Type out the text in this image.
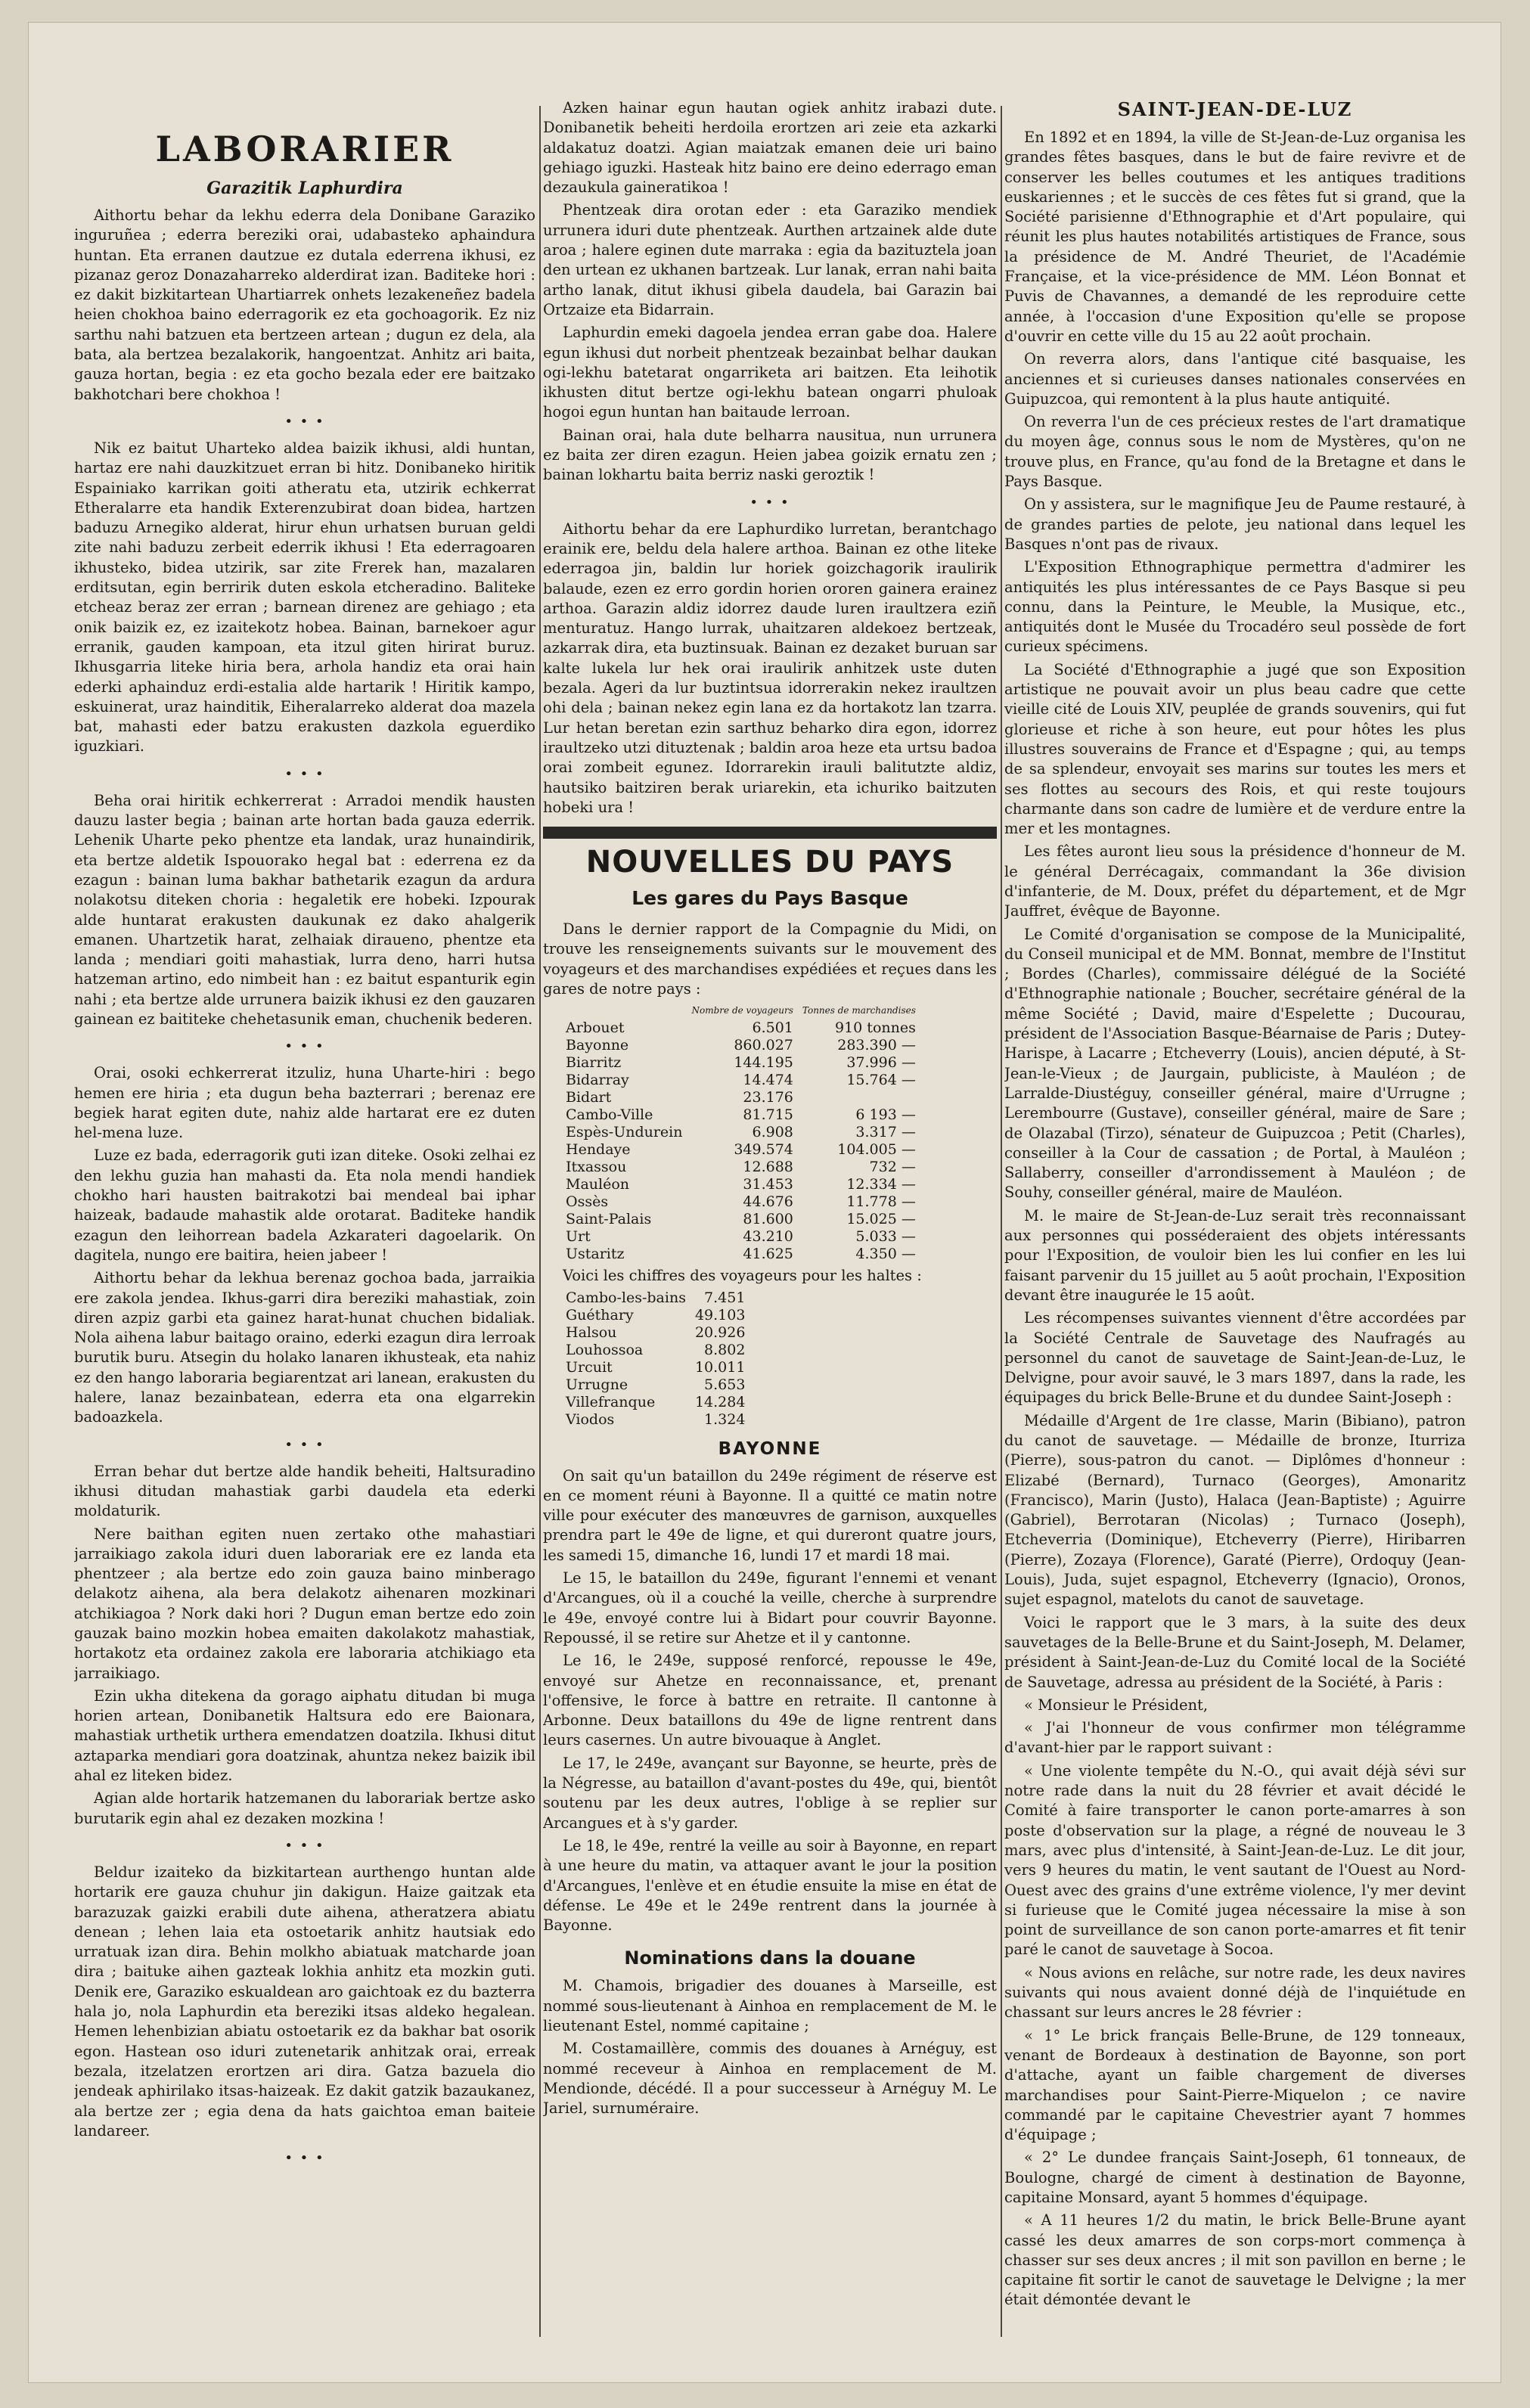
LABORARIER
Garazitik Laphurdira

Aithortu behar da lekhu ederra dela Donibane Garaziko inguruñea ; ederra bereziki orai, udabasteko aphaindura huntan. Eta erranen dautzue ez dutala ederrena ikhusi, ez pizanaz geroz Donazaharreko alderdirat izan. Baditeke hori : ez dakit bizkitartean Uhartiarrek onhets lezakeneñez badela heien chokhoa baino ederragorik ez eta gochoagorik. Ez niz sarthu nahi batzuen eta bertzeen artean ; dugun ez dela, ala bata, ala bertzea bezalakorik, hangoentzat. Anhitz ari baita, gauza hortan, begia : ez eta gocho bezala eder ere baitzako bakhotchari bere chokhoa !

• • •

Nik ez baitut Uharteko aldea baizik ikhusi, aldi huntan, hartaz ere nahi dauzkitzuet erran bi hitz. Donibaneko hiritik Espainiako karrikan goiti atheratu eta, utzirik echkerrat Etheralarre eta handik Exterenzubirat doan bidea, hartzen baduzu Arnegiko alderat, hirur ehun urhatsen buruan geldi zite nahi baduzu zerbeit ederrik ikhusi ! Eta ederragoaren ikhusteko, bidea utzirik, sar zite Frerek han, mazalaren erditsutan, egin berririk duten eskola etcheradino. Baliteke etcheaz beraz zer erran ; barnean direnez are gehiago ; eta onik baizik ez, ez izaitekotz hobea. Bainan, barnekoer agur erranik, gauden kampoan, eta itzul giten hirirat buruz. Ikhusgarria liteke hiria bera, arhola handiz eta orai hain ederki aphainduz erdi-estalia alde hartarik ! Hiritik kampo, eskuinerat, uraz hainditik, Eiheralarreko alderat doa mazela bat, mahasti eder batzu erakusten dazkola eguerdiko iguzkiari.

• • •

Beha orai hiritik echkerrerat : Arradoi mendik hausten dauzu laster begia ; bainan arte hortan bada gauza ederrik. Lehenik Uharte peko phentze eta landak, uraz hunaindirik, eta bertze aldetik Ispouorako hegal bat : ederrena ez da ezagun : bainan luma bakhar bathetarik ezagun da ardura nolakotsu diteken choria : hegaletik ere hobeki. Izpourak alde huntarat erakusten daukunak ez dako ahalgerik emanen. Uhartzetik harat, zelhaiak diraueno, phentze eta landa ; mendiari goiti mahastiak, lurra deno, harri hutsa hatzeman artino, edo nimbeit han : ez baitut espanturik egin nahi ; eta bertze alde urrunera baizik ikhusi ez den gauzaren gainean ez baititeke chehetasunik eman, chuchenik bederen.

• • •

Orai, osoki echkerrerat itzuliz, huna Uharte-hiri : bego hemen ere hiria ; eta dugun beha bazterrari ; berenaz ere begiek harat egiten dute, nahiz alde hartarat ere ez duten hel-mena luze.

Luze ez bada, ederragorik guti izan diteke. Osoki zelhai ez den lekhu guzia han mahasti da. Eta nola mendi handiek chokho hari hausten baitrakotzi bai mendeal bai iphar haizeak, badaude mahastik alde orotarat. Baditeke handik ezagun den leihorrean badela Azkarateri dagoelarik. On dagitela, nungo ere baitira, heien jabeer !

Aithortu behar da lekhua berenaz gochoa bada, jarraikia ere zakola jendea. Ikhus-garri dira bereziki mahastiak, zoin diren azpiz garbi eta gainez harat-hunat chuchen bidaliak. Nola aihena labur baitago oraino, ederki ezagun dira lerroak burutik buru. Atsegin du holako lanaren ikhusteak, eta nahiz ez den hango laboraria begiarentzat ari lanean, erakusten du halere, lanaz bezainbatean, ederra eta ona elgarrekin badoazkela.

• • •

Erran behar dut bertze alde handik beheiti, Haltsuradino ikhusi ditudan mahastiak garbi daudela eta ederki moldaturik.

Nere baithan egiten nuen zertako othe mahastiari jarraikiago zakola iduri duen laborariak ere ez landa eta phentzeer ; ala bertze edo zoin gauza baino minberago delakotz aihena, ala bera delakotz aihenaren mozkinari atchikiagoa ? Nork daki hori ? Dugun eman bertze edo zoin gauzak baino mozkin hobea emaiten dakolakotz mahastiak, hortakotz eta ordainez zakola ere laboraria atchikiago eta jarraikiago.

Ezin ukha ditekena da gorago aiphatu ditudan bi muga horien artean, Donibanetik Haltsura edo ere Baionara, mahastiak urthetik urthera emendatzen doatzila. Ikhusi ditut aztaparka mendiari gora doatzinak, ahuntza nekez baizik ibil ahal ez liteken bidez.

Agian alde hortarik hatzemanen du laborariak bertze asko burutarik egin ahal ez dezaken mozkina !

• • •

Beldur izaiteko da bizkitartean aurthengo huntan alde hortarik ere gauza chuhur jin dakigun. Haize gaitzak eta barazuzak gaizki erabili dute aihena, atheratzera abiatu denean ; lehen laia eta ostoetarik anhitz hautsiak edo urratuak izan dira. Behin molkho abiatuak matcharde joan dira ; baituke aihen gazteak lokhia anhitz eta mozkin guti. Denik ere, Garaziko eskualdean aro gaichtoak ez du bazterra hala jo, nola Laphurdin eta bereziki itsas aldeko hegalean. Hemen lehenbizian abiatu ostoetarik ez da bakhar bat osorik egon. Hastean oso iduri zutenetarik anhitzak orai, erreak bezala, itzelatzen erortzen ari dira. Gatza bazuela dio jendeak aphirilako itsas-haizeak. Ez dakit gatzik bazaukanez, ala bertze zer ; egia dena da hats gaichtoa eman baiteie landareer.

• • •

Azken hainar egun hautan ogiek anhitz irabazi dute. Donibanetik beheiti herdoila erortzen ari zeie eta azkarki aldakatuz doatzi. Agian maiatzak emanen deie uri baino gehiago iguzki. Hasteak hitz baino ere deino ederrago eman dezaukula gaineratikoa !

Phentzeak dira orotan eder : eta Garaziko mendiek urrunera iduri dute phentzeak. Aurthen artzainek alde dute aroa ; halere eginen dute marraka : egia da bazituztela joan den urtean ez ukhanen bartzeak. Lur lanak, erran nahi baita artho lanak, ditut ikhusi gibela daudela, bai Garazin bai Ortzaize eta Bidarrain.

Laphurdin emeki dagoela jendea erran gabe doa. Halere egun ikhusi dut norbeit phentzeak bezainbat belhar daukan ogi-lekhu batetarat ongarriketa ari baitzen. Eta leihotik ikhusten ditut bertze ogi-lekhu batean ongarri phuloak hogoi egun huntan han baitaude lerroan.

Bainan orai, hala dute belharra nausitua, nun urrunera ez baita zer diren ezagun. Heien jabea goizik ernatu zen ; bainan lokhartu baita berriz naski geroztik !

• • •

Aithortu behar da ere Laphurdiko lurretan, berantchago erainik ere, beldu dela halere arthoa. Bainan ez othe liteke ederragoa jin, baldin lur horiek goizchagorik iraulirik balaude, ezen ez erro gordin horien ororen gainera erainez arthoa. Garazin aldiz idorrez daude luren iraultzera eziñ menturatuz. Hango lurrak, uhaitzaren aldekoez bertzeak, azkarrak dira, eta buztinsuak. Bainan ez dezaket buruan sar kalte lukela lur hek orai iraulirik anhitzek uste duten bezala. Ageri da lur buztintsua idorrerakin nekez iraultzen ohi dela ; bainan nekez egin lana ez da hortakotz lan tzarra. Lur hetan beretan ezin sarthuz beharko dira egon, idorrez iraultzeko utzi dituztenak ; baldin aroa heze eta urtsu badoa orai zombeit egunez. Idorrarekin irauli balitutzte aldiz, hautsiko baitziren berak uriarekin, eta ichuriko baitzuten hobeki ura !

NOUVELLES DU PAYS
Les gares du Pays Basque

Dans le dernier rapport de la Compagnie du Midi, on trouve les renseignements suivants sur le mouvement des voyageurs et des marchandises expédiées et reçues dans les gares de notre pays :

	Nombre de voyageurs	Tonnes de marchandises
Arbouet	6.501	910 tonnes
Bayonne	860.027	283.390 —
Biarritz	144.195	37.996 —
Bidarray	14.474	15.764 —
Bidart	23.176	
Cambo-Ville	81.715	6 193 —
Espès-Undurein	6.908	3.317 —
Hendaye	349.574	104.005 —
Itxassou	12.688	732 —
Mauléon	31.453	12.334 —
Ossès	44.676	11.778 —
Saint-Palais	81.600	15.025 —
Urt	43.210	5.033 —
Ustaritz	41.625	4.350 —

Voici les chiffres des voyageurs pour les haltes :

Cambo-les-bains	7.451
Guéthary	49.103
Halsou	20.926
Louhossoa	8.802
Urcuit	10.011
Urrugne	5.653
Villefranque	14.284
Viodos	1.324
BAYONNE

On sait qu'un bataillon du 249e régiment de réserve est en ce moment réuni à Bayonne. Il a quitté ce matin notre ville pour exécuter des manœuvres de garnison, auxquelles prendra part le 49e de ligne, et qui dureront quatre jours, les samedi 15, dimanche 16, lundi 17 et mardi 18 mai.

Le 15, le bataillon du 249e, figurant l'ennemi et venant d'Arcangues, où il a couché la veille, cherche à surprendre le 49e, envoyé contre lui à Bidart pour couvrir Bayonne. Repoussé, il se retire sur Ahetze et il y cantonne.

Le 16, le 249e, supposé renforcé, repousse le 49e, envoyé sur Ahetze en reconnaissance, et, prenant l'offensive, le force à battre en retraite. Il cantonne à Arbonne. Deux bataillons du 49e de ligne rentrent dans leurs casernes. Un autre bivouaque à Anglet.

Le 17, le 249e, avançant sur Bayonne, se heurte, près de la Négresse, au bataillon d'avant-postes du 49e, qui, bientôt soutenu par les deux autres, l'oblige à se replier sur Arcangues et à s'y garder.

Le 18, le 49e, rentré la veille au soir à Bayonne, en repart à une heure du matin, va attaquer avant le jour la position d'Arcangues, l'enlève et en étudie ensuite la mise en état de défense. Le 49e et le 249e rentrent dans la journée à Bayonne.

Nominations dans la douane

M. Chamois, brigadier des douanes à Marseille, est nommé sous-lieutenant à Ainhoa en remplacement de M. le lieutenant Estel, nommé capitaine ;

M. Costamaillère, commis des douanes à Arnéguy, est nommé receveur à Ainhoa en remplacement de M. Mendionde, décédé. Il a pour successeur à Arnéguy M. Le Jariel, surnuméraire.

SAINT-JEAN-DE-LUZ

En 1892 et en 1894, la ville de St-Jean-de-Luz organisa les grandes fêtes basques, dans le but de faire revivre et de conserver les belles coutumes et les antiques traditions euskariennes ; et le succès de ces fêtes fut si grand, que la Société parisienne d'Ethnographie et d'Art populaire, qui réunit les plus hautes notabilités artistiques de France, sous la présidence de M. André Theuriet, de l'Académie Française, et la vice-présidence de MM. Léon Bonnat et Puvis de Chavannes, a demandé de les reproduire cette année, à l'occasion d'une Exposition qu'elle se propose d'ouvrir en cette ville du 15 au 22 août prochain.

On reverra alors, dans l'antique cité basquaise, les anciennes et si curieuses danses nationales conservées en Guipuzcoa, qui remontent à la plus haute antiquité.

On reverra l'un de ces précieux restes de l'art dramatique du moyen âge, connus sous le nom de Mystères, qu'on ne trouve plus, en France, qu'au fond de la Bretagne et dans le Pays Basque.

On y assistera, sur le magnifique Jeu de Paume restauré, à de grandes parties de pelote, jeu national dans lequel les Basques n'ont pas de rivaux.

L'Exposition Ethnographique permettra d'admirer les antiquités les plus intéressantes de ce Pays Basque si peu connu, dans la Peinture, le Meuble, la Musique, etc., antiquités dont le Musée du Trocadéro seul possède de fort curieux spécimens.

La Société d'Ethnographie a jugé que son Exposition artistique ne pouvait avoir un plus beau cadre que cette vieille cité de Louis XIV, peuplée de grands souvenirs, qui fut glorieuse et riche à son heure, eut pour hôtes les plus illustres souverains de France et d'Espagne ; qui, au temps de sa splendeur, envoyait ses marins sur toutes les mers et ses flottes au secours des Rois, et qui reste toujours charmante dans son cadre de lumière et de verdure entre la mer et les montagnes.

Les fêtes auront lieu sous la présidence d'honneur de M. le général Derrécagaix, commandant la 36e division d'infanterie, de M. Doux, préfet du département, et de Mgr Jauffret, évêque de Bayonne.

Le Comité d'organisation se compose de la Municipalité, du Conseil municipal et de MM. Bonnat, membre de l'Institut ; Bordes (Charles), commissaire délégué de la Société d'Ethnographie nationale ; Boucher, secrétaire général de la même Société ; David, maire d'Espelette ; Ducourau, président de l'Association Basque-Béarnaise de Paris ; Dutey-Harispe, à Lacarre ; Etcheverry (Louis), ancien député, à St-Jean-le-Vieux ; de Jaurgain, publiciste, à Mauléon ; de Larralde-Diustéguy, conseiller général, maire d'Urrugne ; Lerembourre (Gustave), conseiller général, maire de Sare ; de Olazabal (Tirzo), sénateur de Guipuzcoa ; Petit (Charles), conseiller à la Cour de cassation ; de Portal, à Mauléon ; Sallaberry, conseiller d'arrondissement à Mauléon ; de Souhy, conseiller général, maire de Mauléon.

M. le maire de St-Jean-de-Luz serait très reconnaissant aux personnes qui posséderaient des objets intéressants pour l'Exposition, de vouloir bien les lui confier en les lui faisant parvenir du 15 juillet au 5 août prochain, l'Exposition devant être inaugurée le 15 août.

Les récompenses suivantes viennent d'être accordées par la Société Centrale de Sauvetage des Naufragés au personnel du canot de sauvetage de Saint-Jean-de-Luz, le Delvigne, pour avoir sauvé, le 3 mars 1897, dans la rade, les équipages du brick Belle-Brune et du dundee Saint-Joseph :

Médaille d'Argent de 1re classe, Marin (Bibiano), patron du canot de sauvetage. — Médaille de bronze, Iturriza (Pierre), sous-patron du canot. — Diplômes d'honneur : Elizabé (Bernard), Turnaco (Georges), Amonaritz (Francisco), Marin (Justo), Halaca (Jean-Baptiste) ; Aguirre (Gabriel), Berrotaran (Nicolas) ; Turnaco (Joseph), Etcheverria (Dominique), Etcheverry (Pierre), Hiribarren (Pierre), Zozaya (Florence), Garaté (Pierre), Ordoquy (Jean-Louis), Juda, sujet espagnol, Etcheverry (Ignacio), Oronos, sujet espagnol, matelots du canot de sauvetage.

Voici le rapport que le 3 mars, à la suite des deux sauvetages de la Belle-Brune et du Saint-Joseph, M. Delamer, président à Saint-Jean-de-Luz du Comité local de la Société de Sauvetage, adressa au président de la Société, à Paris :

« Monsieur le Président,

« J'ai l'honneur de vous confirmer mon télégramme d'avant-hier par le rapport suivant :

« Une violente tempête du N.-O., qui avait déjà sévi sur notre rade dans la nuit du 28 février et avait décidé le Comité à faire transporter le canon porte-amarres à son poste d'observation sur la plage, a régné de nouveau le 3 mars, avec plus d'intensité, à Saint-Jean-de-Luz. Le dit jour, vers 9 heures du matin, le vent sautant de l'Ouest au Nord-Ouest avec des grains d'une extrême violence, l'y mer devint si furieuse que le Comité jugea nécessaire la mise à son point de surveillance de son canon porte-amarres et fit tenir paré le canot de sauvetage à Socoa.

« Nous avions en relâche, sur notre rade, les deux navires suivants qui nous avaient donné déjà de l'inquiétude en chassant sur leurs ancres le 28 février :

« 1° Le brick français Belle-Brune, de 129 tonneaux, venant de Bordeaux à destination de Bayonne, son port d'attache, ayant un faible chargement de diverses marchandises pour Saint-Pierre-Miquelon ; ce navire commandé par le capitaine Chevestrier ayant 7 hommes d'équipage ;

« 2° Le dundee français Saint-Joseph, 61 tonneaux, de Boulogne, chargé de ciment à destination de Bayonne, capitaine Monsard, ayant 5 hommes d'équipage.

« A 11 heures 1/2 du matin, le brick Belle-Brune ayant cassé les deux amarres de son corps-mort commença à chasser sur ses deux ancres ; il mit son pavillon en berne ; le capitaine fit sortir le canot de sauvetage le Delvigne ; la mer était démontée devant le
